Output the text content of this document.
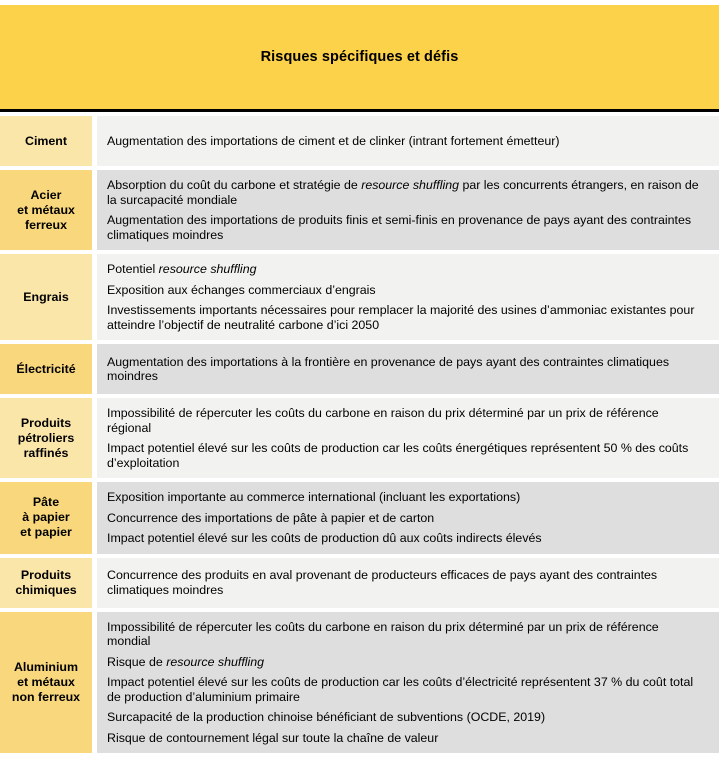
Risques spécifiques et défis
Ciment	Augmentation des importations de ciment et de clinker (intrant fortement émetteur)

Acier
et métaux
ferreux

Absorption du coût du carbone et stratégie de resource shuffling par les concurrents étrangers, en raison de la surcapacité mondiale

Augmentation des importations de produits finis et semi-finis en provenance de pays ayant des contraintes climatiques moindres

Engrais

Potentiel resource shuffling

Exposition aux échanges commerciaux d’engrais

Investissements importants nécessaires pour remplacer la majorité des usines d’ammoniac existantes pour atteindre l’objectif de neutralité carbone d’ici 2050

Électricité	Augmentation des importations à la frontière en provenance de pays ayant des contraintes climatiques moindres

Produits
pétroliers
raffinés

Impossibilité de répercuter les coûts du carbone en raison du prix déterminé par un prix de référence régional

Impact potentiel élevé sur les coûts de production car les coûts énergétiques représentent 50 % des coûts d’exploitation

Pâte
à papier
et papier

Exposition importante au commerce international (incluant les exportations)

Concurrence des importations de pâte à papier et de carton

Impact potentiel élevé sur les coûts de production dû aux coûts indirects élevés

Produits
chimiques

Concurrence des produits en aval provenant de producteurs efficaces de pays ayant des contraintes climatiques moindres

Aluminium
et métaux
non ferreux

Impossibilité de répercuter les coûts du carbone en raison du prix déterminé par un prix de référence mondial

Risque de resource shuffling

Impact potentiel élevé sur les coûts de production car les coûts d’électricité représentent 37 % du coût total de production d’aluminium primaire

Surcapacité de la production chinoise bénéficiant de subventions (OCDE, 2019)

Risque de contournement légal sur toute la chaîne de valeur
